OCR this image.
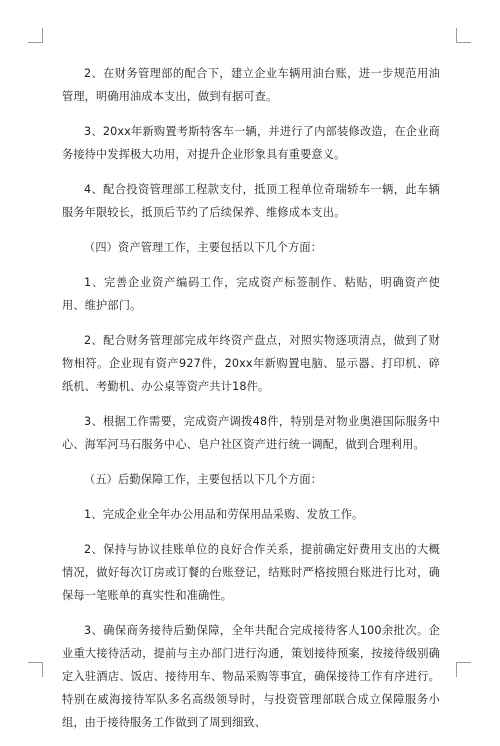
2、在财务管理部的配合下，建立企业车辆用油台账，进一步规范用油管理，明确用油成本支出，做到有据可查。

3、20xx年新购置考斯特客车一辆，并进行了内部装修改造，在企业商务接待中发挥极大功用，对提升企业形象具有重要意义。

4、配合投资管理部工程款支付，抵顶工程单位奇瑞轿车一辆，此车辆服务年限较长，抵顶后节约了后续保养、维修成本支出。

（四）资产管理工作，主要包括以下几个方面：

1、完善企业资产编码工作，完成资产标签制作、粘贴，明确资产使用、维护部门。

2、配合财务管理部完成年终资产盘点，对照实物逐项清点，做到了财物相符。企业现有资产927件，20xx年新购置电脑、显示器、打印机、碎纸机、考勤机、办公桌等资产共计18件。

3、根据工作需要，完成资产调拨48件，特别是对物业奥港国际服务中心、海军河马石服务中心、皂户社区资产进行统一调配，做到合理利用。

（五）后勤保障工作，主要包括以下几个方面：

1、完成企业全年办公用品和劳保用品采购、发放工作。

2、保持与协议挂账单位的良好合作关系，提前确定好费用支出的大概情况，做好每次订房或订餐的台账登记，结账时严格按照台账进行比对，确保每一笔账单的真实性和准确性。

3、确保商务接待后勤保障，全年共配合完成接待客人100余批次。企业重大接待活动，提前与主办部门进行沟通，策划接待预案，按接待级别确定入驻酒店、饭店、接待用车、物品采购等事宜，确保接待工作有序进行。特别在威海接待军队多名高级领导时，与投资管理部联合成立保障服务小组，由于接待服务工作做到了周到细致、
